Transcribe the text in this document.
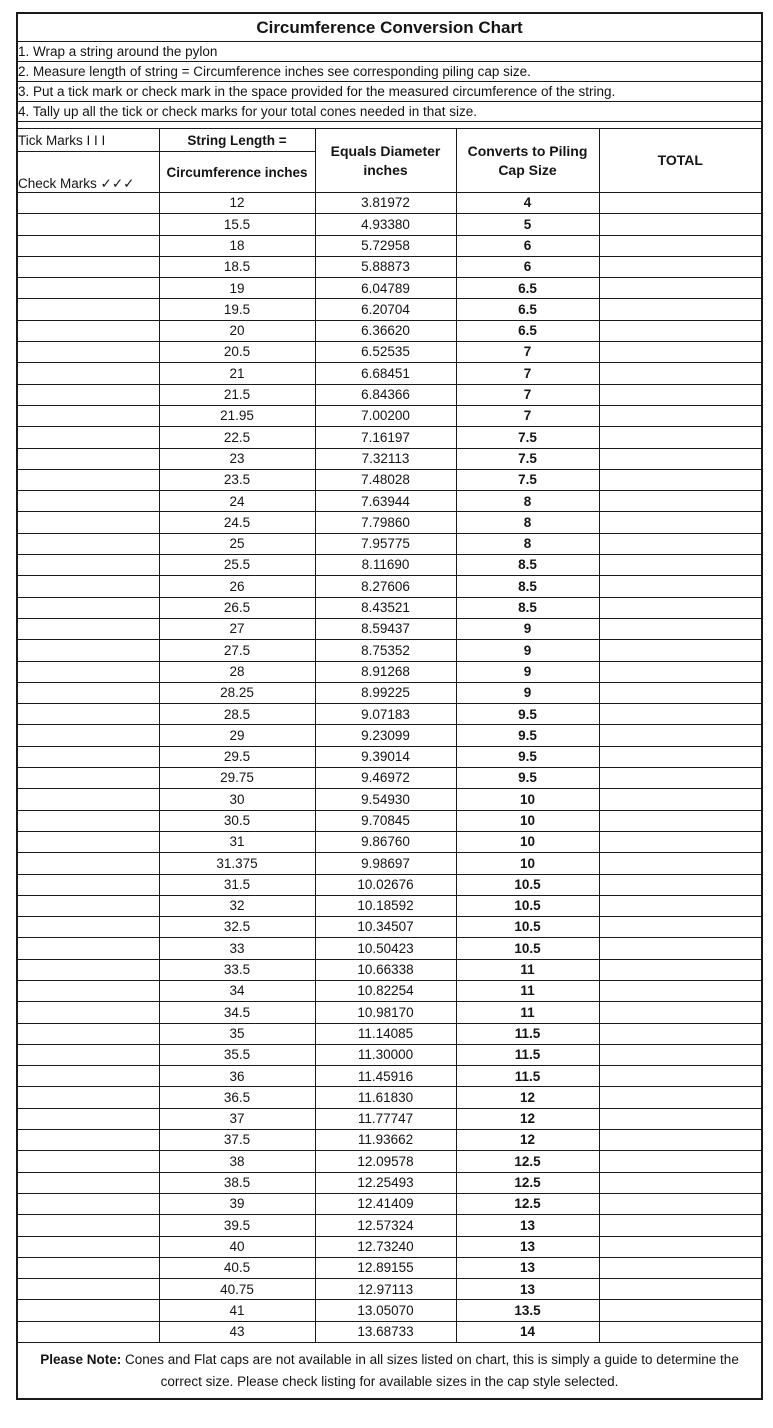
Circumference Conversion Chart				
1. Wrap a string around the pylon				
2. Measure length of string = Circumference inches see corresponding piling cap size.				
3. Put a tick mark or check mark in the space provided for the measured circumference of the string.				
4. Tally up all the tick or check marks for your total cones needed in that size.				

Tick Marks I I I	String Length =	Equals Diameter inches	Converts to Piling Cap Size	TOTAL
Check Marks ✓✓✓	Circumference inches			
	12	3.81972	4	
	15.5	4.93380	5	
	18	5.72958	6	
	18.5	5.88873	6	
	19	6.04789	6.5	
	19.5	6.20704	6.5	
	20	6.36620	6.5	
	20.5	6.52535	7	
	21	6.68451	7	
	21.5	6.84366	7	
	21.95	7.00200	7	
	22.5	7.16197	7.5	
	23	7.32113	7.5	
	23.5	7.48028	7.5	
	24	7.63944	8	
	24.5	7.79860	8	
	25	7.95775	8	
	25.5	8.11690	8.5	
	26	8.27606	8.5	
	26.5	8.43521	8.5	
	27	8.59437	9	
	27.5	8.75352	9	
	28	8.91268	9	
	28.25	8.99225	9	
	28.5	9.07183	9.5	
	29	9.23099	9.5	
	29.5	9.39014	9.5	
	29.75	9.46972	9.5	
	30	9.54930	10	
	30.5	9.70845	10	
	31	9.86760	10	
	31.375	9.98697	10	
	31.5	10.02676	10.5	
	32	10.18592	10.5	
	32.5	10.34507	10.5	
	33	10.50423	10.5	
	33.5	10.66338	11	
	34	10.82254	11	
	34.5	10.98170	11	
	35	11.14085	11.5	
	35.5	11.30000	11.5	
	36	11.45916	11.5	
	36.5	11.61830	12	
	37	11.77747	12	
	37.5	11.93662	12	
	38	12.09578	12.5	
	38.5	12.25493	12.5	
	39	12.41409	12.5	
	39.5	12.57324	13	
	40	12.73240	13	
	40.5	12.89155	13	
	40.75	12.97113	13	
	41	13.05070	13.5	
	43	13.68733	14	
Please Note: Cones and Flat caps are not available in all sizes listed on chart, this is simply a guide to determine the correct size. Please check listing for available sizes in the cap style selected.				
